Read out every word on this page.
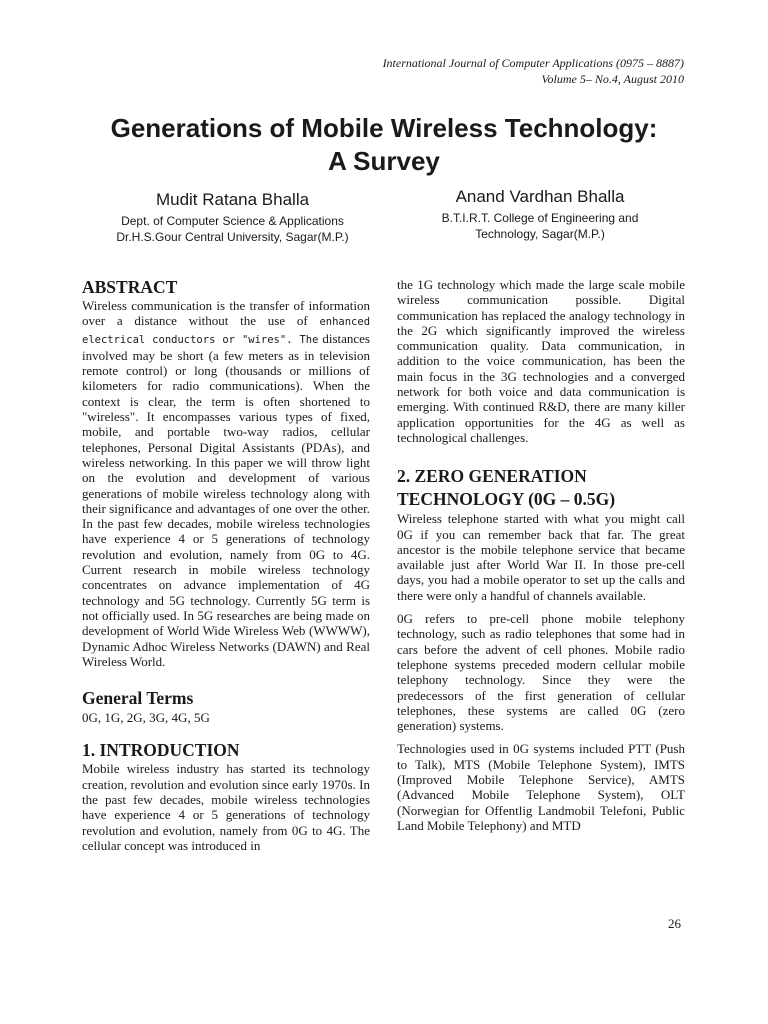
International Journal of Computer Applications (0975 – 8887)
Volume 5– No.4, August 2010
Generations of Mobile Wireless Technology:
A Survey
Mudit Ratana Bhalla
Dept. of Computer Science & Applications
Dr.H.S.Gour Central University, Sagar(M.P.)
Anand Vardhan Bhalla
B.T.I.R.T. College of Engineering and
Technology, Sagar(M.P.)
ABSTRACT

Wireless communication is the transfer of information over a distance without the use of enhanced electrical conductors or "wires". The distances involved may be short (a few meters as in television remote control) or long (thousands or millions of kilometers for radio communications). When the context is clear, the term is often shortened to "wireless". It encompasses various types of fixed, mobile, and portable two-way radios, cellular telephones, Personal Digital Assistants (PDAs), and wireless networking. In this paper we will throw light on the evolution and development of various generations of mobile wireless technology along with their significance and advantages of one over the other. In the past few decades, mobile wireless technologies have experience 4 or 5 generations of technology revolution and evolution, namely from 0G to 4G. Current research in mobile wireless technology concentrates on advance implementation of 4G technology and 5G technology. Currently 5G term is not officially used. In 5G researches are being made on development of World Wide Wireless Web (WWWW), Dynamic Adhoc Wireless Networks (DAWN) and Real Wireless World.

General Terms

0G, 1G, 2G, 3G, 4G, 5G

1. INTRODUCTION

Mobile wireless industry has started its technology creation, revolution and evolution since early 1970s. In the past few decades, mobile wireless technologies have experience 4 or 5 generations of technology revolution and evolution, namely from 0G to 4G. The cellular concept was introduced in

the 1G technology which made the large scale mobile wireless communication possible. Digital communication has replaced the analogy technology in the 2G which significantly improved the wireless communication quality. Data communication, in addition to the voice communication, has been the main focus in the 3G technologies and a converged network for both voice and data communication is emerging. With continued R&D, there are many killer application opportunities for the 4G as well as technological challenges.

2. ZERO GENERATION
TECHNOLOGY (0G – 0.5G)

Wireless telephone started with what you might call 0G if you can remember back that far. The great ancestor is the mobile telephone service that became available just after World War II. In those pre-cell days, you had a mobile operator to set up the calls and there were only a handful of channels available.

0G refers to pre-cell phone mobile telephony technology, such as radio telephones that some had in cars before the advent of cell phones. Mobile radio telephone systems preceded modern cellular mobile telephony technology. Since they were the predecessors of the first generation of cellular telephones, these systems are called 0G (zero generation) systems.

Technologies used in 0G systems included PTT (Push to Talk), MTS (Mobile Telephone System), IMTS (Improved Mobile Telephone Service), AMTS (Advanced Mobile Telephone System), OLT (Norwegian for Offentlig Landmobil Telefoni, Public Land Mobile Telephony) and MTD

26
